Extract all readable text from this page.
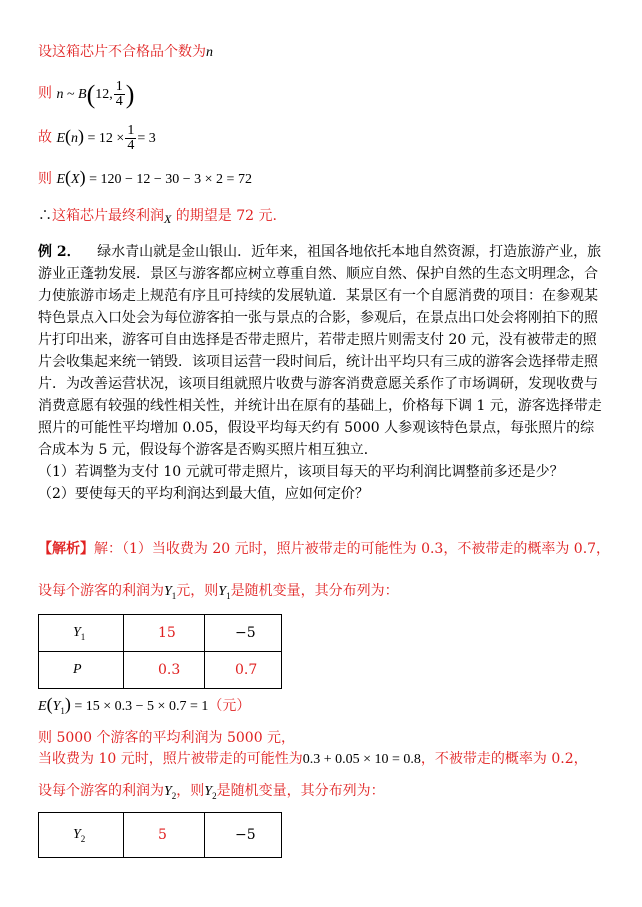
设这箱芯片不合格品个数为n
则 n ~ B(12, $\frac{1}{4}$ )
故 $E(n) = 12 \times \frac{1}{4} = 3$
则 E(X) = 120 − 12 − 30 − 3 × 2 = 72
∴这箱芯片最终利润X 的期望是 72 元.

例 2． 绿水青山就是金山银山．近年来，祖国各地依托本地自然资源，打造旅游产业，旅游业正蓬勃发展．景区与游客都应树立尊重自然、顺应自然、保护自然的生态文明理念，合力使旅游市场走上规范有序且可持续的发展轨道．某景区有一个自愿消费的项目：在参观某特色景点入口处会为每位游客拍一张与景点的合影，参观后，在景点出口处会将刚拍下的照片打印出来，游客可自由选择是否带走照片，若带走照片则需支付 20 元，没有被带走的照片会收集起来统一销毁．该项目运营一段时间后，统计出平均只有三成的游客会选择带走照片．为改善运营状况，该项目组就照片收费与游客消费意愿关系作了市场调研，发现收费与消费意愿有较强的线性相关性，并统计出在原有的基础上，价格每下调 1 元，游客选择带走照片的可能性平均增加 0.05，假设平均每天约有 5000 人参观该特色景点，每张照片的综合成本为 5 元，假设每个游客是否购买照片相互独立．

（1）若调整为支付 10 元就可带走照片，该项目每天的平均利润比调整前多还是少？

（2）要使每天的平均利润达到最大值，应如何定价？

【解析】解：（1）当收费为 20 元时，照片被带走的可能性为 0.3，不被带走的概率为 0.7，
设每个游客的利润为$Y_1$元，则$Y_1$是随机变量，其分布列为：
$Y_1$	15	−5
P	0.3	0.7
$E(Y_1) = 15 \times 0.3 - 5 \times 0.7 = 1$（元）
则 5000 个游客的平均利润为 5000 元，
当收费为 10 元时，照片被带走的可能性为0.3 + 0.05 × 10 = 0.8，不被带走的概率为 0.2，
设每个游客的利润为$Y_2$，则$Y_2$是随机变量，其分布列为：
$Y_2$	5	−5
